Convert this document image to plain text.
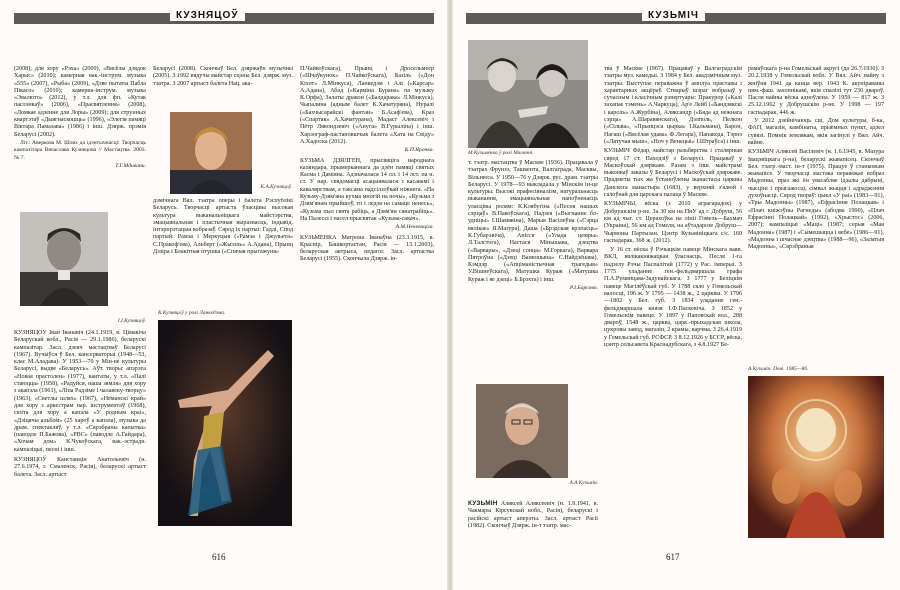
КУЗНЯЦОЎ

(2008); для хору «Рэха» (2009), «Вясёлы дзядок Харыс» (2010); камерная вак.-інструм. музыка «555» (2007), «Рыба» (2009), «Дзве пытаты Пабла Пікасо» (2010); камерна-інструм. музыка «Эвалюто» (2012), у т.л. для фп. «Кутак паслэнкаў» (2006), «Прасвятлення» (2008), «Ломкае адзенне для Лоры» (2009); для струнных квартэтаў «Дыягнаскошць» (1996), «Элегія памяці Віктара Памазава» (1986) і інш. Дзярж. прэмія Беларусі (2002).

Літ.: Аверкова М. Шлях да ідэнтычнасці: Творчасць кампазітара Вячаслава Кузнецова // Мастацтва. 2003. № 7.

Т.Г.Мдивани.
І.І.Кузняцоў.

КУЗНЯЦОЎ Іван Іванавіч (24.1.1919, в. Цімавіча Беларускай вобл., Расія — 29.1.1986), беларускі кампазітар. Засл. дзеяч мастацтваў Беларусі (1967). Вучыўся ў Бел. кансерваторыі (1948—53, клас М.Аладава). У 1953—70 у Мін-ве культуры Беларусі, выдве «Беларусь». Аўт. творы: апэрэта «Новая прастолен» (1977), кантаты, у т.л. «Палі стаюцца» (1958), «Радуйся, наша зямля» для хору з акапэла (1961), «Ліпа Радзіме і чалавеку-творцу» (1963), «Светлы шлях» (1967), «Нёманскі край» для хору з аркестрам нар. інструментаў (1968), сюіта для хору а капэла «У родным краі», «Дзіцячы альбом» (25 хароў а капэла), музыка да драм. спектакляў, у т.л. «Сярэбраны капытка» (паводле П.Бажова), «РВС» (паводле А.Гайдара), «Хочам дом» К.Чукоўскага, вак.-эстрадн. кампазіцыі, песні і інш.

КУЗНЯЦОЎ Канстанцін Анатольевіч (н. 27.6.1974, г. Смаленск, Расія), беларускі артыст балета. Засл. артыст

Беларусі (2008). Скончыў Бел. дзяржаўн музычны (2005). З 1992 вядучы майстар сцэны Бел. дзярж. муз. тэатра. З 2007 артыст балета Нац. ака-

К.А.Кузняцоў.

дэмічнага Вял. тэатра оперы і балета Рэспублікі Беларусь. Творчасці артыста ўласцівы высокая культура выканальніцкага майстэрства, эмацыянальная і пластычная выразнасць, індывід. інтэрпрэтацыя вобразаў. Сярод іх партыі: Гадлі, Спод партый: Рамэа і Меркуцыя («Рамэа і Джульета» С.Пракоф'ева), Альберт («Жызэль» А.Адана), Прынц Дэзіра і Блакітная птушка («Спячая прыгажуня»

К.Кузняцоў у ролі Ланкедэма.

П.Чайкоўскага), Прынц і Дросельмеер («Шчаўкунок» П.Чайкоўскага), Базіль («Дон Кіхот» Л.Мінкуса), Ланкедэм і Алі («Карсар» А.Адана), Абад («Карміна Бурана» па музыку К.Орфа), Залаты дракон («Балдарака» Л.Мінкуса), Чыпалина (адным балет К.Хачатуряна), Нуралі («Бахчысарайскі фантан» Б.Асаф'ева), Краз («Спартак» А.Хачатурана), Мадаст Алексевіч і Пётр Лявондзевіч («Ануга» В.Гурыліна) і інш. Харэограф-пастановшчык балета «Хата на Свіду» А.Хадоска (2012).

К.П.Яронка.

КУЗЬМА ДЗЯЛГЕН, прысвяціга народнага каляндара, прымерканнага да дзён памяці святых Касма і Даміяна. Адзначалася 14 лл. і 14 лст. па н. ст. У нар. свядомасці асацыявалася з касавамі і кавалярствам, а таксама падсілзоўкай ніжнега. «На Кузьму-Дзям'яна кухма многій на ночы», «Кузьма з Дзям'янам прыйшоў, то і ледзя на самаце ненесь», «Кузьма пыл свята рабіць, а Дзям'ян сянатрабіць». На Палессі і пасел прысвятак «Кузьма-сакач».

А.М.Нечеваціга.

КУЗЬМЕНКА Матрона Іванаўна (23.3.1915, в. Краснір, Башкортастан, Расія — 13.1.2003), беларуская актрыса, педагог. Засл. артыстка Беларусі (1955). Скончыла Дзярж. ін-

616
КУЗЬМІЧ
М.Кузьменка ў ролі Маланні.

т. тэатр. мастацтва ў Маскве (1936). Працавала ў тэатрах Фрунзэ, Ташкента, Валгаграда, Масквы, Вільнюса. У 1950—76 у Дзярж. рус. драм. тэатры Беларусі. У 1978—93 выкладала у Мінскім ін-це культуры. Высокі прафесіяналізм, натуральнасць выканання, эмацыянальная напоўненасць уласцівы ролям: К.Клябугіна («Песня нашых сэрцаў» В.Пакоўскага), Надзея («Выгнанне бл-удніцы» І.Шамякіна), Марыя Васілеўна («Сэрца вялікае» Я.Мазура), Даша («Брэдская крэпасць» К.Губарэвіча), Анісся («Улада цемры» Л.Талстога), Настася Мінышава, дзецтва («Варвары», «Дзеці сонца» М.Горкага), Варвара Пятроўна («Дзеці Ванюшына» С.Найдзёнава), Кэмдэр («Апціманістычная трагедыя» У.Вішнеўскага), Матушка Кураж («Матушка Кураж і яе дзеці» Б.Брэхта) і інш.

Р.І.Барсово.
А.А.Кузьмін.

КУЗЬМІН Аляксей Аляксеевіч (н. 1.9.1941, в. Чакмары Кірсукскай вобл., Расія), беларускі і расійскі артыст аперэты. Засл. артыст Расіі (1982). Скончыў Дзярж. ін-т тэатр. мас-

тва ў Маскве (1967). Працаваў у Валгаградскім тэатры муз. камедыі. З 1984 у Бел. акадэмічным муз. тэатры. Выступае пераважна ў амплуа праставы і характарных акцёраў. Стварыў шэраг вобразаў у сучасным і класічным рэпертуары: Пракурор («Калі захапае тэмень» А.Чаркуца), Ар'е Лейб («Бандзякскі і кароль» А.Журбіна), Аляксандр («Бяда ад нежнага сэрца» А.Шаравянскага), Дэлполь, Пелкон («Сільва», «Прынцэса цырка» І.Кальмана), Барон, Нагаш («Вясёлая удава» Ф.Легара), Папакода, Тэрнэ («Лятучая мыш», «Ноч у Венецыі» І.Штраўса) і інш.

КУЗЬМІЧ Фёдар, майстар разьбярства і сталярныя сярод 17 ст. Паходзіў з Беларусі. Працаваў у Маскоўскай дзяржаве. Разам з інш. майстрамі выконваў заказы ў Беларусі і Маскоўскай дзяржаве. Прадметы тых жа ўстаноўлены іканастасы царквы Данскога манастыра (1683), у верхняй з'ялюй і галоўнай для царскага палаца ў Маскве.

КУЗЬМІЧЫ, вёска (з 2010 аграгарадок) у Добрушскім р-не. За 30 км на ПнУ ад г. Добруш, 56 км ад чыг. ст. Церахоўка на лініі Гомель—Бахмач (Украіна), 56 км ад Гомеля, на аўтадарозе Добруш—Чырвоны Партызан. Цэнтр Кузьмініцкага с/с. 160 гаспадарак, 368 ж. (2012).

У 16 ст. вёска ў Рэчыцкім павеце Мінскага ваяв. ВКЛ, вялікакняжацкая ўласнасць. Песля 1-га падзелу Рэчы Паспалітай (1772) у Рас. імперыі. З 1775 уладанне ген.-фельдмаршала графа П.А.Румянцава-Задунайскага. З 1777 у Беліцкім павеце Магілёўскай губ. У 1788 сяло у Гомельскай валосці, 196 ж. У 1795 — 1438 ж., 2 царквы. У 1796—1802 у Бел. губ. З 1834 уладанне ген.-фельдмаршала князя І.Ф.Паскевіча. З 1852 у Гомельскім павеце. У 1897 у Паповскай вол., 288 двароў, 1548 ж., царква, царк.-прыхадская школа, цукровы завод, магазін, 2 крамы, карчма. З 26.4.1919 у Гомельскай губ. РСФСР. З 8.12.1926 у БССР, вёска, цэнтр сельсавета Краснадубскага, з 4.8.1927 Бе-

рамаўскага р-на Гомельскай акругі (да 26.7.1930). З 20.2.1938 у Гомельскай вобл. У Вял. Айч. вайну з жніўня 1941 да канца вер. 1943 К. акупіраваны ням.-фаш. захопнікамі, якія спалілі тут 230 двароў. Пасля вайны вёска адноўлена. У 1959 — 817 ж. З 25.12.1962 у Добрушскім р-не. У 1998 — 197 гаспадарак, 446 ж.

У 2012 дзейнічаюць сш, Дом культуры, б-ка, ФАП, магазін, камбінаты, прыёмных пункт, адзел сувязі. Помнік землякам, якія загінулі у Вял. Айч. вайне.

КУЗЬМІЧ Аляксей Васілевіч (н. 1.6.1945, в. Мазура Івацэвіцкага р-на), беларускі жывапісец. Скончыў Бел. тэатр.-маст. ін-т (1975). Працуе ў станковым жывапісе. У творчасці мастака пераважае вобраз Мадонны, праз які ён увасабляе ідэалы дабрыні, чысціні і прыгажосці, сімвал жыцця і адраджэння духоўнасці. Сярод твораў: цыкл «У раі» (1983—91), «Тры Мадонны» (1987), «Ефрасіння Полацкая» і «Плач кніжэўны Рагнеды» (абодва 1990), «Плач Ефрасінні Полацкай» (1992), «Хрыстос» (2006, 2007); кампазіцыі «Маці» (1987; серыя «Мая Мадонна» (1987) і «Сымешыцца і вебе» (1986—91), «Мадонна і шчаснае дзецтва» (1988—96), «Залатыя Мадонны», «Сярэбраныя

А.Кузьміч. Пеяі. 1985—86.
617
